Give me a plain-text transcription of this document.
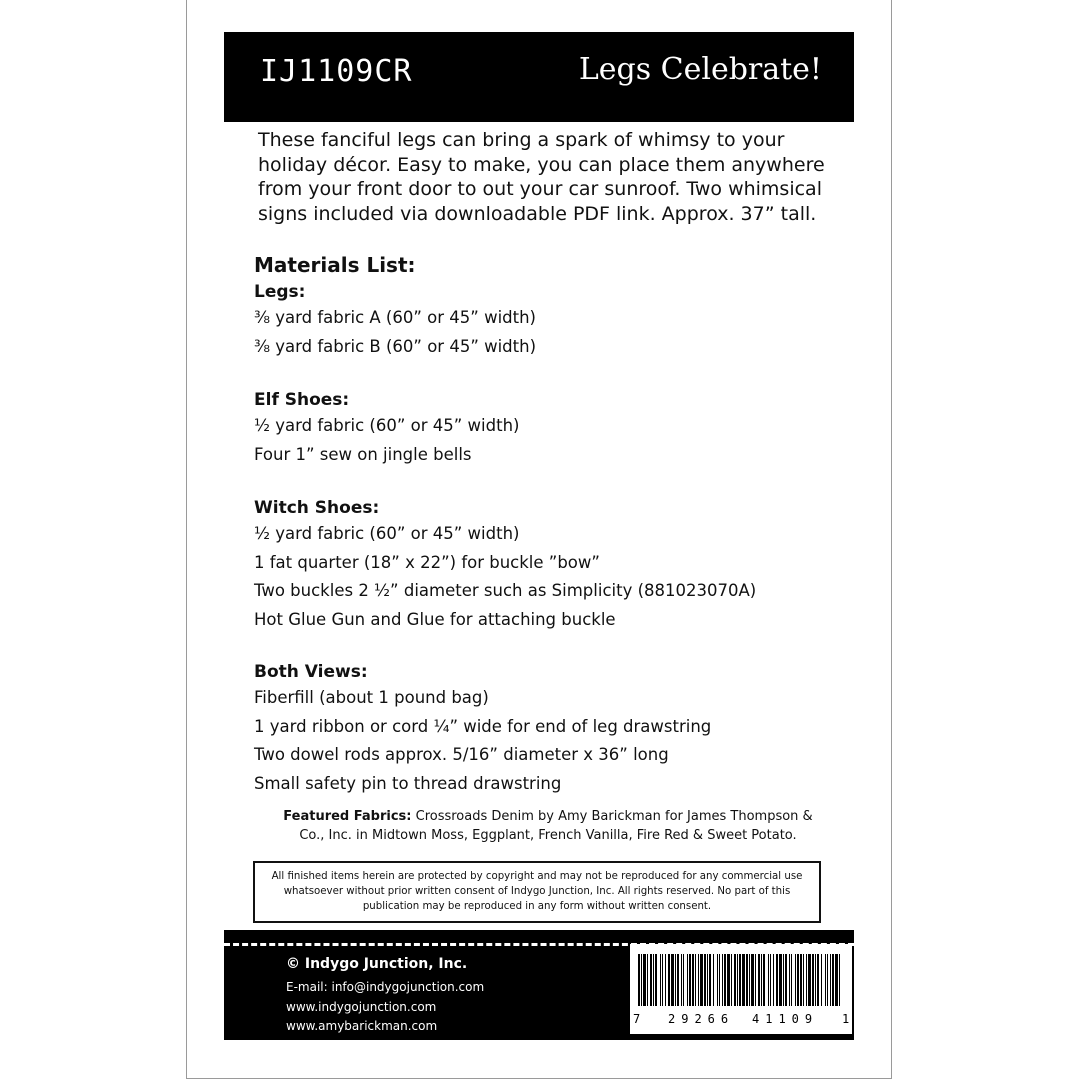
IJ1109CR	Legs Celebrate!
These fanciful legs can bring a spark of whimsy to your
holiday décor. Easy to make, you can place them anywhere
from your front door to out your car sunroof. Two whimsical
signs included via downloadable PDF link. Approx. 37” tall.
Materials List:
Legs:
⅜ yard fabric A (60” or 45” width)
⅜ yard fabric B (60” or 45” width)
Elf Shoes:
½ yard fabric (60” or 45” width)
Four 1” sew on jingle bells
Witch Shoes:
½ yard fabric (60” or 45” width)
1 fat quarter (18” x 22”) for buckle ”bow”
Two buckles 2 ½” diameter such as Simplicity (881023070A)
Hot Glue Gun and Glue for attaching buckle
Both Views:
Fiberfill (about 1 pound bag)
1 yard ribbon or cord ¼” wide for end of leg drawstring
Two dowel rods approx. 5/16” diameter x 36” long
Small safety pin to thread drawstring
Featured Fabrics: Crossroads Denim by Amy Barickman for James Thompson &
Co., Inc. in Midtown Moss, Eggplant, French Vanilla, Fire Red & Sweet Potato.
All finished items herein are protected by copyright and may not be reproduced for any commercial use whatsoever without prior written consent of Indygo Junction, Inc. All rights reserved. No part of this publication may be reproduced in any form without written consent.
© Indygo Junction, Inc.
E-mail: info@indygojunction.com
www.indygojunction.com
www.amybarickman.com	7 29266 41109 1
